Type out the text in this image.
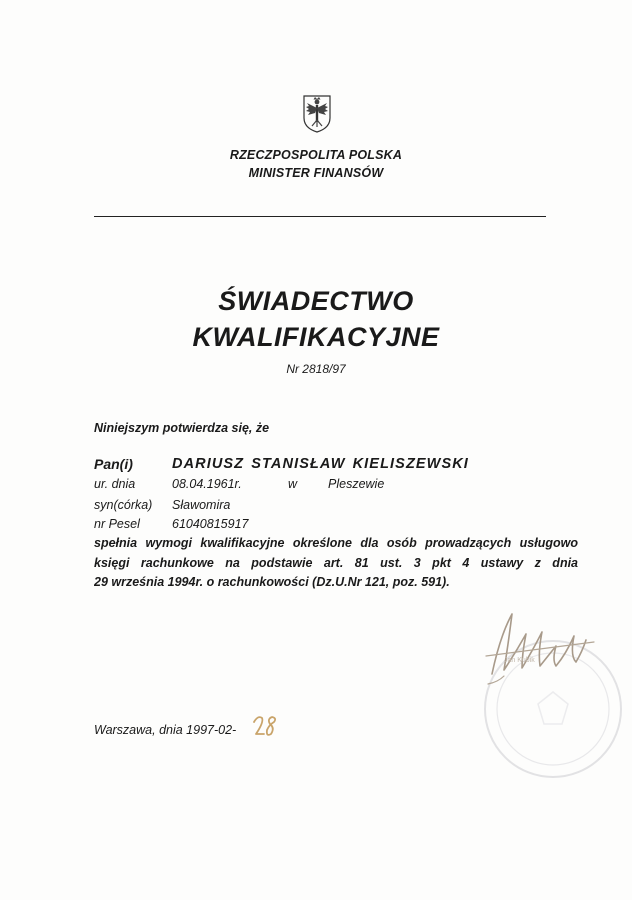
RZECZPOSPOLITA POLSKA
MINISTER FINANSÓW
ŚWIADECTWO
KWALIFIKACYJNE
Nr 2818/97
Niniejszym potwierdza się, że
Pan(i)	DARIUSZ STANISŁAW KIELISZEWSKI
ur. dnia	08.04.1961r.	w Pleszewie
syn(córka) Sławomira
nr Pesel	61040815917
spełnia wymogi kwalifikacyjne określone dla osób prowadzących usługowo
księgi rachunkowe na podstawie art. 81 ust. 3 pkt 4 ustawy z dnia
29 września 1994r. o rachunkowości (Dz.U.Nr 121, poz. 591).
Jan Kubik
Warszawa, dnia 1997-02-
